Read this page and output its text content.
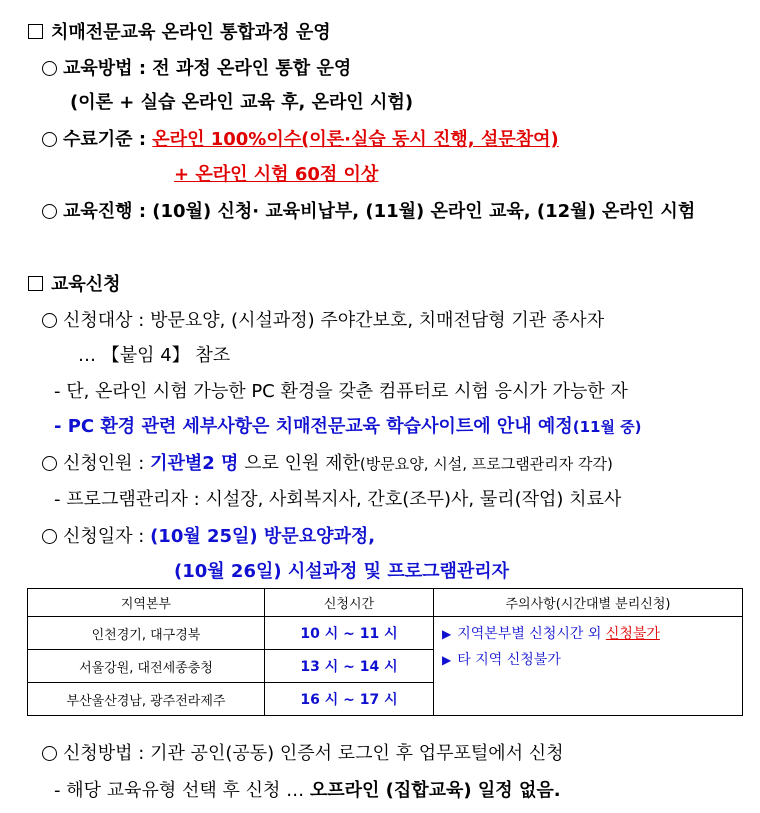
치매전문교육 온라인 통합과정 운영
교육방법 : 전 과정 온라인 통합 운영
(이론 + 실습 온라인 교육 후, 온라인 시험)
수료기준 : 온라인 100%이수(이론·실습 동시 진행, 설문참여)
+ 온라인 시험 60점 이상
교육진행 : (10월) 신청· 교육비납부, (11월) 온라인 교육, (12월) 온라인 시험
교육신청
신청대상 : 방문요양, (시설과정) 주야간보호, 치매전담형 기관 종사자
… 【붙임 4】 참조
- 단, 온라인 시험 가능한 PC 환경을 갖춘 컴퓨터로 시험 응시가 가능한 자
- PC 환경 관련 세부사항은 치매전문교육 학습사이트에 안내 예정(11월 중)
신청인원 : 기관별2 명 으로 인원 제한(방문요양, 시설, 프로그램관리자 각각)
- 프로그램관리자 : 시설장, 사회복지사, 간호(조무)사, 물리(작업) 치료사
신청일자 : (10월 25일) 방문요양과정,
(10월 26일) 시설과정 및 프로그램관리자
지역본부	신청시간	주의사항(시간대별 분리신청)
인천경기, 대구경북	10 시 ~ 11 시	▶ 지역본부별 신청시간 외 신청불가
▶ 타 지역 신청불가

서울강원, 대전세종충청	13 시 ~ 14 시	
부산울산경남, 광주전라제주	16 시 ~ 17 시	
신청방법 : 기관 공인(공동) 인증서 로그인 후 업무포털에서 신청
- 해당 교육유형 선택 후 신청 … 오프라인 (집합교육) 일정 없음.
